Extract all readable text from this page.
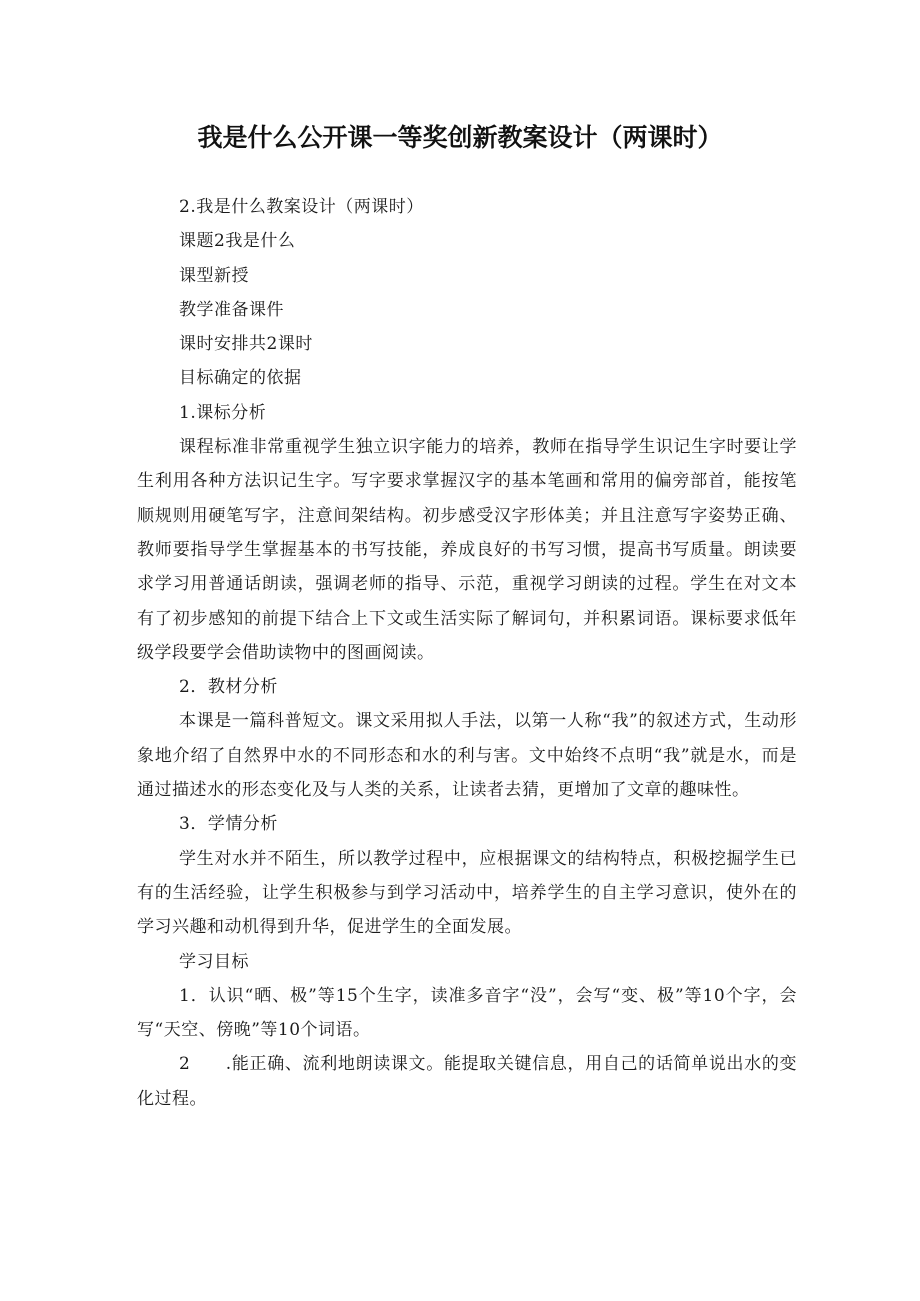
我是什么公开课一等奖创新教案设计（两课时）
2.我是什么教案设计（两课时）
课题2我是什么
课型新授
教学准备课件
课时安排共2课时
目标确定的依据
1.课标分析
课程标准非常重视学生独立识字能力的培养，教师在指导学生识记生字时要让学生利用各种方法识记生字。写字要求掌握汉字的基本笔画和常用的偏旁部首，能按笔顺规则用硬笔写字，注意间架结构。初步感受汉字形体美；并且注意写字姿势正确、教师要指导学生掌握基本的书写技能，养成良好的书写习惯，提高书写质量。朗读要求学习用普通话朗读，强调老师的指导、示范，重视学习朗读的过程。学生在对文本有了初步感知的前提下结合上下文或生活实际了解词句，并积累词语。课标要求低年级学段要学会借助读物中的图画阅读。
2．教材分析
本课是一篇科普短文。课文采用拟人手法，以第一人称“我”的叙述方式，生动形象地介绍了自然界中水的不同形态和水的利与害。文中始终不点明“我”就是水，而是通过描述水的形态变化及与人类的关系，让读者去猜，更增加了文章的趣味性。
3．学情分析
学生对水并不陌生，所以教学过程中，应根据课文的结构特点，积极挖掘学生已有的生活经验，让学生积极参与到学习活动中，培养学生的自主学习意识，使外在的学习兴趣和动机得到升华，促进学生的全面发展。
学习目标
1．认识“晒、极”等15个生字，读准多音字“没”，会写“变、极”等10个字，会写“天空、傍晚”等10个词语。
2　　.能正确、流利地朗读课文。能提取关键信息，用自己的话简单说出水的变化过程。
